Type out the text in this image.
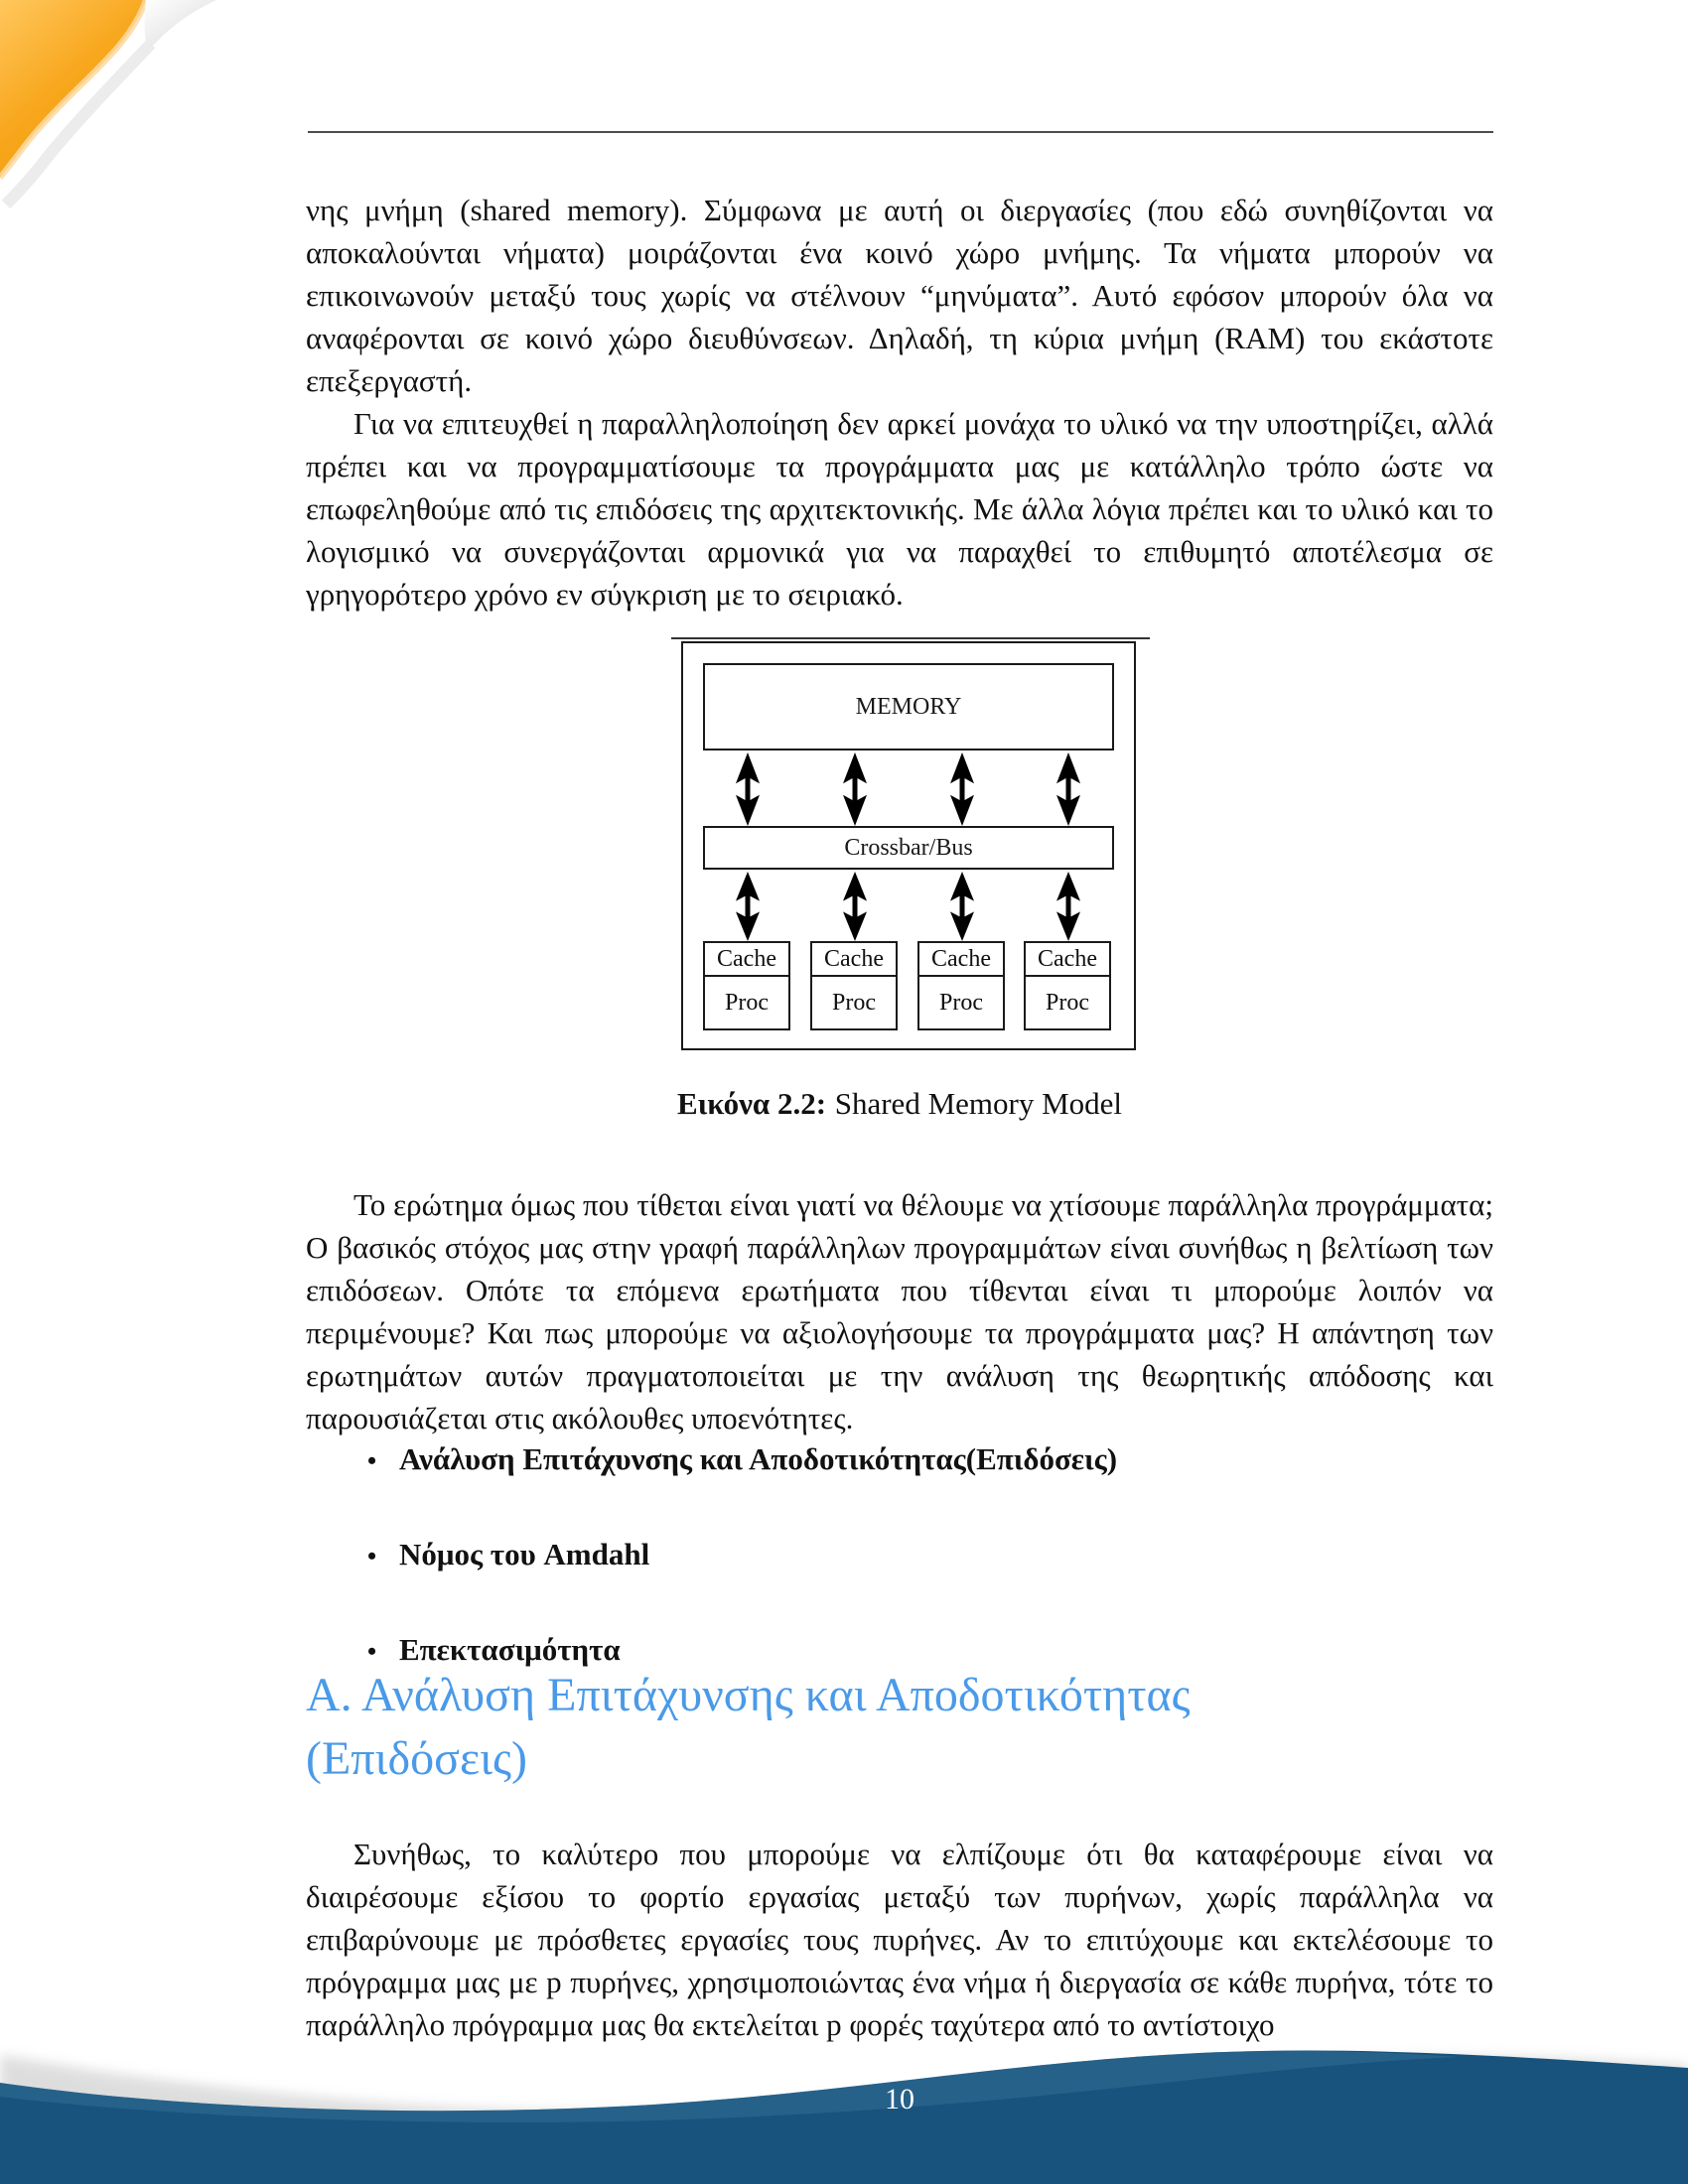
νης μνήμη (shared memory). Σύμφωνα με αυτή οι διεργασίες (που εδώ συνηθίζονται να αποκαλούνται νήματα) μοιράζονται ένα κοινό χώρο μνήμης. Τα νήματα μπορούν να επικοινωνούν μεταξύ τους χωρίς να στέλνουν “μηνύματα”. Αυτό εφόσον μπορούν όλα να αναφέρονται σε κοινό χώρο διευθύνσεων. Δηλαδή, τη κύρια μνήμη (RAM) του εκάστοτε επεξεργαστή.

Για να επιτευχθεί η παραλληλοποίηση δεν αρκεί μονάχα το υλικό να την υποστηρίζει, αλλά πρέπει και να προγραμματίσουμε τα προγράμματα μας με κατάλληλο τρόπο ώστε να επωφεληθούμε από τις επιδόσεις της αρχιτεκτονικής. Με άλλα λόγια πρέπει και το υλικό και το λογισμικό να συνεργάζονται αρμονικά για να παραχθεί το επιθυμητό αποτέλεσμα σε γρηγορότερο χρόνο εν σύγκριση με το σειριακό.

MEMORY
Crossbar/Bus
Cache
Proc
Cache
Proc
Cache
Proc
Cache
Proc
Εικόνα 2.2: Shared Memory Model

Το ερώτημα όμως που τίθεται είναι γιατί να θέλουμε να χτίσουμε παράλληλα προγράμματα; Ο βασικός στόχος μας στην γραφή παράλληλων προγραμμάτων είναι συνήθως η βελτίωση των επιδόσεων. Οπότε τα επόμενα ερωτήματα που τίθενται είναι τι μπορούμε λοιπόν να περιμένουμε? Και πως μπορούμε να αξιολογήσουμε τα προγράμματα μας? Η απάντηση των ερωτημάτων αυτών πραγματοποιείται με την ανάλυση της θεωρητικής απόδοσης και παρουσιάζεται στις ακόλουθες υποενότητες.

• Ανάλυση Επιτάχυνσης και Αποδοτικότητας(Επιδόσεις)
• Νόμος του Amdahl
• Επεκτασιμότητα
Α. Ανάλυση Επιτάχυνσης και Αποδοτικότητας
(Επιδόσεις)

Συνήθως, το καλύτερο που μπορούμε να ελπίζουμε ότι θα καταφέρουμε είναι να διαιρέσουμε εξίσου το φορτίο εργασίας μεταξύ των πυρήνων, χωρίς παράλληλα να επιβαρύνουμε με πρόσθετες εργασίες τους πυρήνες. Αν το επιτύχουμε και εκτελέσουμε το πρόγραμμα μας με p πυρήνες, χρησιμοποιώντας ένα νήμα ή διεργασία σε κάθε πυρήνα, τότε το παράλληλο πρόγραμμα μας θα εκτελείται p φορές ταχύτερα από το αντίστοιχο

10
